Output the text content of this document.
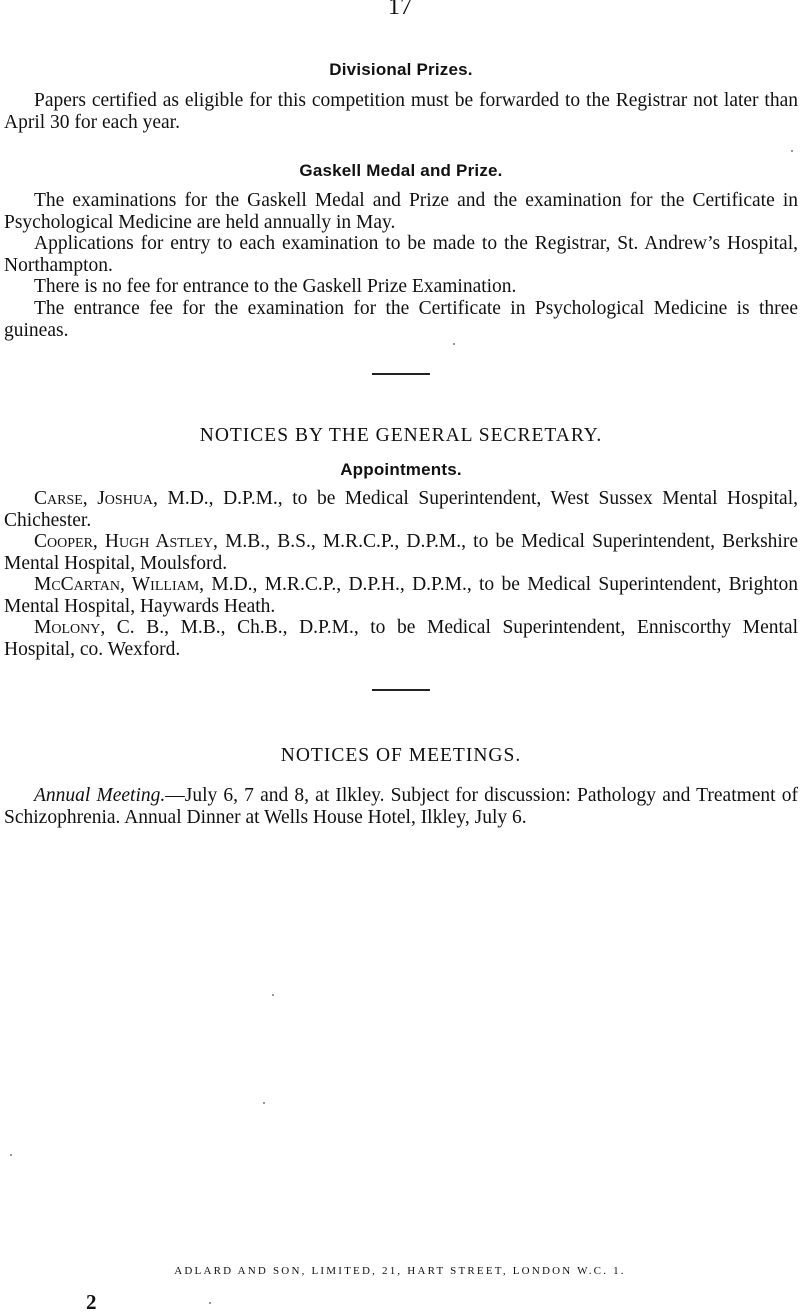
17
Divisional Prizes.
Papers certified as eligible for this competition must be forwarded to the Registrar not later than April 30 for each year.
Gaskell Medal and Prize.
The examinations for the Gaskell Medal and Prize and the examination for the Certificate in Psychological Medicine are held annually in May.
Applications for entry to each examination to be made to the Registrar, St. Andrew’s Hospital, Northampton.
There is no fee for entrance to the Gaskell Prize Examination.
The entrance fee for the examination for the Certificate in Psychological Medicine is three guineas.
NOTICES BY THE GENERAL SECRETARY.
Appointments.
Carse, Joshua, M.D., D.P.M., to be Medical Superintendent, West Sussex Mental Hospital, Chichester.
Cooper, Hugh Astley, M.B., B.S., M.R.C.P., D.P.M., to be Medical Superintendent, Berkshire Mental Hospital, Moulsford.
McCartan, William, M.D., M.R.C.P., D.P.H., D.P.M., to be Medical Superintendent, Brighton Mental Hospital, Haywards Heath.
Molony, C. B., M.B., Ch.B., D.P.M., to be Medical Superintendent, Enniscorthy Mental Hospital, co. Wexford.
NOTICES OF MEETINGS.
Annual Meeting.—July 6, 7 and 8, at Ilkley. Subject for discussion: Pathology and Treatment of Schizophrenia. Annual Dinner at Wells House Hotel, Ilkley, July 6.
ADLARD AND SON, LIMITED, 21, HART STREET, LONDON W.C. 1.
2
